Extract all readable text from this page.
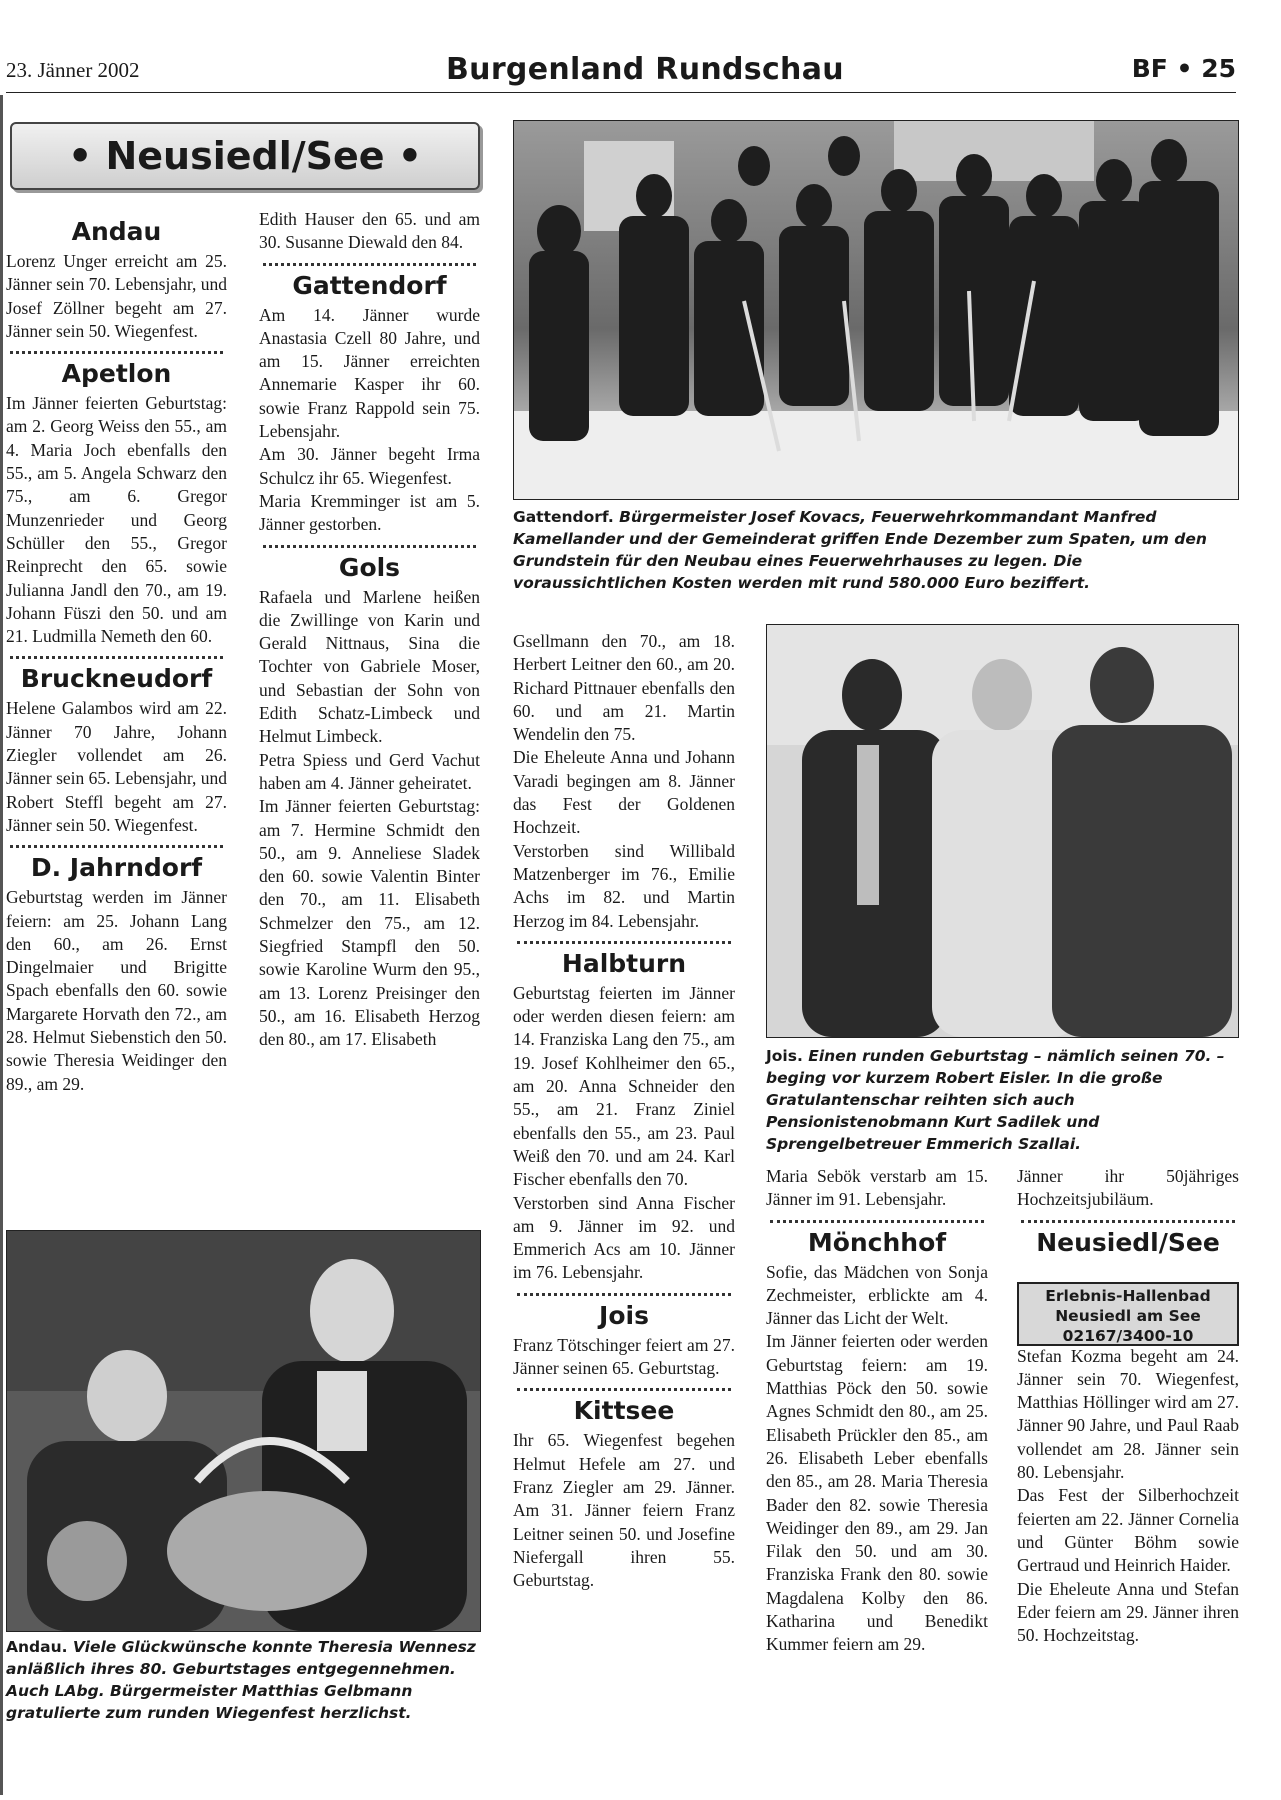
23. Jänner 2002	Burgenland Rundschau	BF • 25
• Neusiedl/See •
Andau

Lorenz Unger erreicht am 25. Jänner sein 70. Lebensjahr, und Josef Zöllner begeht am 27. Jänner sein 50. Wiegenfest.

Apetlon

Im Jänner feierten Geburtstag: am 2. Georg Weiss den 55., am 4. Maria Joch ebenfalls den 55., am 5. Angela Schwarz den 75., am 6. Gregor Munzenrieder und Georg Schüller den 55., Gregor Reinprecht den 65. sowie Julianna Jandl den 70., am 19. Johann Füszi den 50. und am 21. Ludmilla Nemeth den 60.

Bruckneudorf

Helene Galambos wird am 22. Jänner 70 Jahre, Johann Ziegler vollendet am 26. Jänner sein 65. Lebensjahr, und Robert Steffl begeht am 27. Jänner sein 50. Wiegenfest.

D. Jahrndorf

Geburtstag werden im Jänner feiern: am 25. Johann Lang den 60., am 26. Ernst Dingelmaier und Brigitte Spach ebenfalls den 60. sowie Margarete Horvath den 72., am 28. Helmut Siebenstich den 50. sowie Theresia Weidinger den 89., am 29.

Edith Hauser den 65. und am 30. Susanne Diewald den 84.

Gattendorf

Am 14. Jänner wurde Anastasia Czell 80 Jahre, und am 15. Jänner erreichten Annemarie Kasper ihr 60. sowie Franz Rappold sein 75. Lebensjahr.

Am 30. Jänner begeht Irma Schulcz ihr 65. Wiegenfest.

Maria Kremminger ist am 5. Jänner gestorben.

Gols

Rafaela und Marlene heißen die Zwillinge von Karin und Gerald Nittnaus, Sina die Tochter von Gabriele Moser, und Sebastian der Sohn von Edith Schatz-Limbeck und Helmut Limbeck.

Petra Spiess und Gerd Vachut haben am 4. Jänner geheiratet.

Im Jänner feierten Geburtstag: am 7. Hermine Schmidt den 50., am 9. Anneliese Sladek den 60. sowie Valentin Binter den 70., am 11. Elisabeth Schmelzer den 75., am 12. Siegfried Stampfl den 50. sowie Karoline Wurm den 95., am 13. Lorenz Preisinger den 50., am 16. Elisabeth Herzog den 80., am 17. Elisabeth

Gattendorf. Bürgermeister Josef Kovacs, Feuerwehrkommandant Manfred Kamellander und der Gemeinderat griffen Ende Dezember zum Spaten, um den Grundstein für den Neubau eines Feuerwehrhauses zu legen. Die voraussichtlichen Kosten werden mit rund 580.000 Euro beziffert.

Gsellmann den 70., am 18. Herbert Leitner den 60., am 20. Richard Pittnauer ebenfalls den 60. und am 21. Martin Wendelin den 75.

Die Eheleute Anna und Johann Varadi begingen am 8. Jänner das Fest der Goldenen Hochzeit.

Verstorben sind Willibald Matzenberger im 76., Emilie Achs im 82. und Martin Herzog im 84. Lebensjahr.

Halbturn

Geburtstag feierten im Jänner oder werden diesen feiern: am 14. Franziska Lang den 75., am 19. Josef Kohlheimer den 65., am 20. Anna Schneider den 55., am 21. Franz Ziniel ebenfalls den 55., am 23. Paul Weiß den 70. und am 24. Karl Fischer ebenfalls den 70.

Verstorben sind Anna Fischer am 9. Jänner im 92. und Emmerich Acs am 10. Jänner im 76. Lebensjahr.

Jois

Franz Tötschinger feiert am 27. Jänner seinen 65. Geburtstag.

Kittsee

Ihr 65. Wiegenfest begehen Helmut Hefele am 27. und Franz Ziegler am 29. Jänner. Am 31. Jänner feiern Franz Leitner seinen 50. und Josefine Niefergall ihren 55. Geburtstag.

Jois. Einen runden Geburtstag – nämlich seinen 70. – beging vor kurzem Robert Eisler. In die große Gratulantenschar reihten sich auch Pensionistenobmann Kurt Sadilek und Sprengelbetreuer Emmerich Szallai.

Maria Sebök verstarb am 15. Jänner im 91. Lebensjahr.

Mönchhof

Sofie, das Mädchen von Sonja Zechmeister, erblickte am 4. Jänner das Licht der Welt.

Im Jänner feierten oder werden Geburtstag feiern: am 19. Matthias Pöck den 50. sowie Agnes Schmidt den 80., am 25. Elisabeth Prückler den 85., am 26. Elisabeth Leber ebenfalls den 85., am 28. Maria Theresia Bader den 82. sowie Theresia Weidinger den 89., am 29. Jan Filak den 50. und am 30. Franziska Frank den 80. sowie Magdalena Kolby den 86. Katharina und Benedikt Kummer feiern am 29.

Jänner ihr 50jähriges Hochzeitsjubiläum.

Neusiedl/See

Stefan Kozma begeht am 24. Jänner sein 70. Wiegenfest, Matthias Höllinger wird am 27. Jänner 90 Jahre, und Paul Raab vollendet am 28. Jänner sein 80. Lebensjahr.

Das Fest der Silberhochzeit feierten am 22. Jänner Cornelia und Günter Böhm sowie Gertraud und Heinrich Haider.

Die Eheleute Anna und Stefan Eder feiern am 29. Jänner ihren 50. Hochzeitstag.

Erlebnis-Hallenbad
Neusiedl am See
02167/3400-10
Andau. Viele Glückwünsche konnte Theresia Wennesz anläßlich ihres 80. Geburtstages entgegennehmen. Auch LAbg. Bürgermeister Matthias Gelbmann gratulierte zum runden Wiegenfest herzlichst.
